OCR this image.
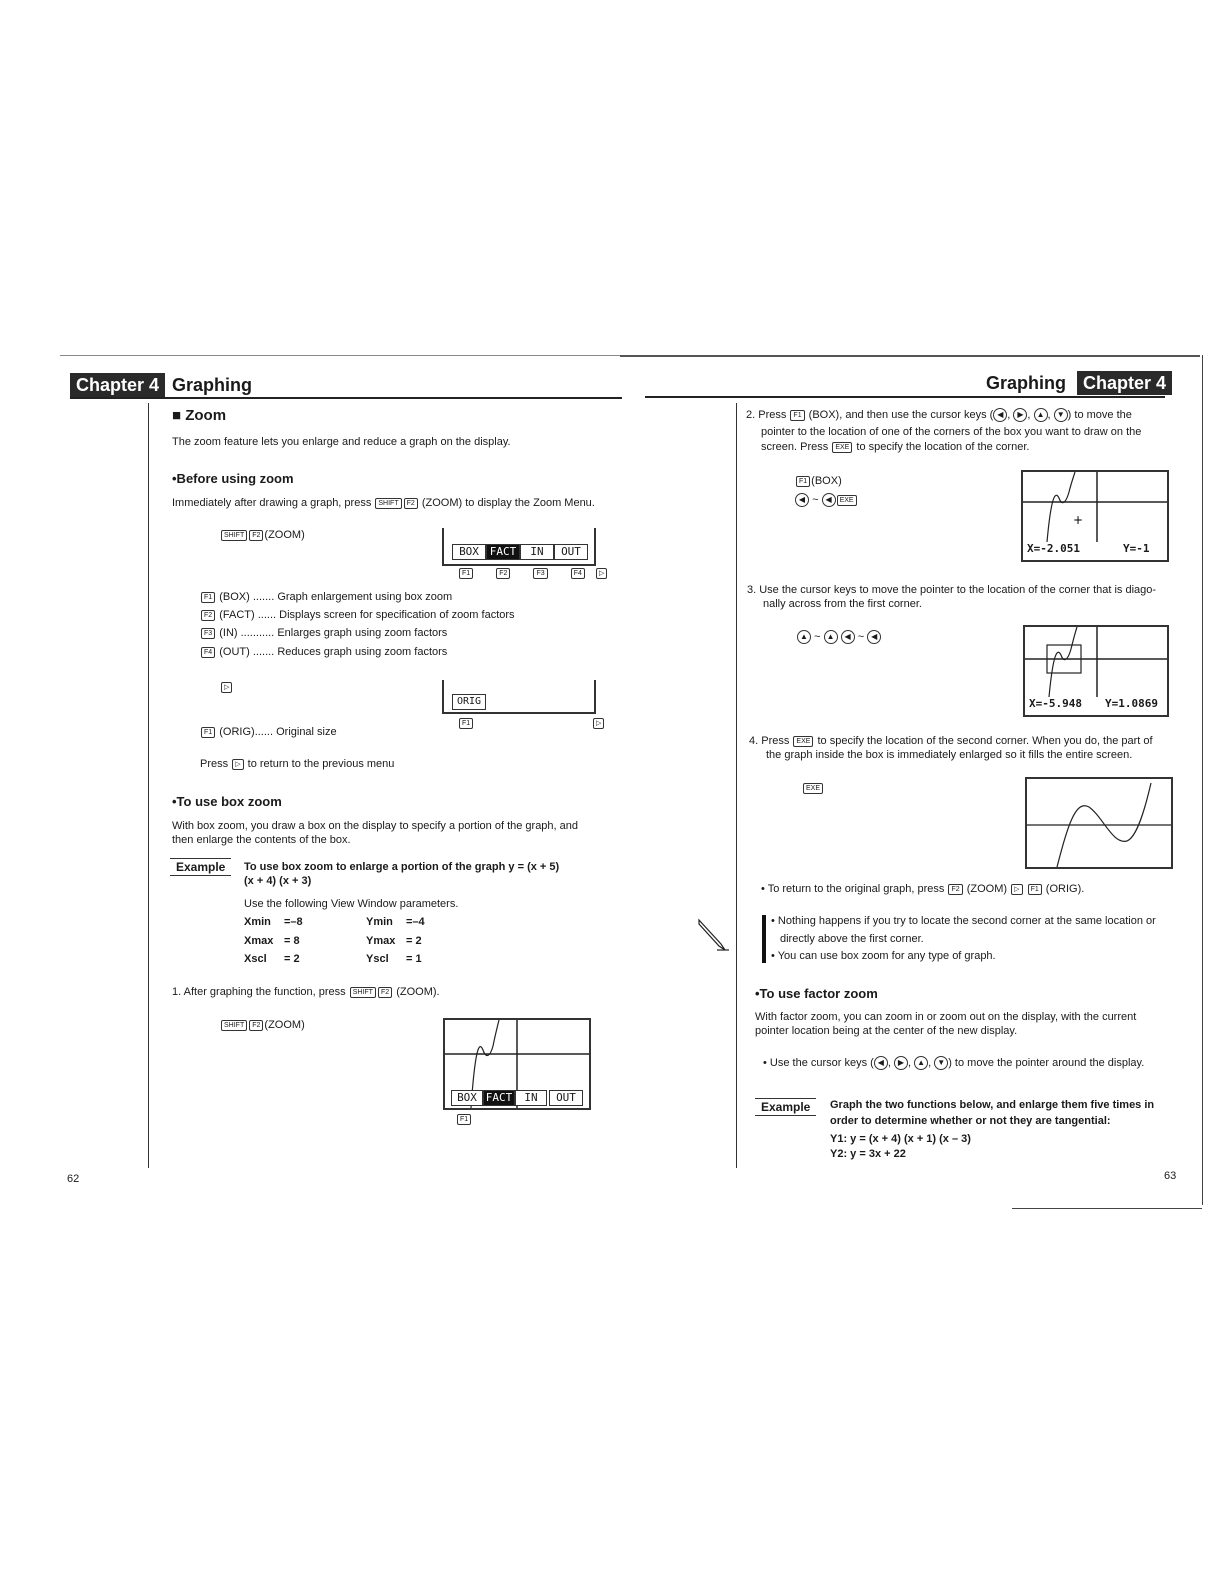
Chapter 4 Graphing
■ Zoom
The zoom feature lets you enlarge and reduce a graph on the display.
•Before using zoom
Immediately after drawing a graph, press SHIFT F2 (ZOOM) to display the Zoom Menu.
SHIFT F2 (ZOOM)
BOX FACT	IN	OUT
F1	F2	F3	F4 ▷
F1 (BOX) ....... Graph enlargement using box zoom
F2 (FACT) ...... Displays screen for specification of zoom factors
F3 (IN) ........... Enlarges graph using zoom factors
F4 (OUT) ....... Reduces graph using zoom factors
▷
ORIG
F1	▷
F1 (ORIG)...... Original size
Press ▷ to return to the previous menu
•To use box zoom
With box zoom, you draw a box on the display to specify a portion of the graph, and
then enlarge the contents of the box.
Example	To use box zoom to enlarge a portion of the graph y = (x + 5)
(x + 4) (x + 3)
Use the following View Window parameters.
Xmin =–8	Ymin =–4
Xmax = 8	Ymax = 2
Xscl = 2	Yscl = 1
1. After graphing the function, press SHIFT F2 (ZOOM).
SHIFT F2 (ZOOM)
BOX FACT	IN	OUT
F1
62
Graphing Chapter 4
2. Press F1 (BOX), and then use the cursor keys ( ◀ , ▶ , ▲ , ▼ ) to move the
pointer to the location of one of the corners of the box you want to draw on the
screen. Press EXE to specify the location of the corner.
F1 (BOX)
◀ ~ ◀ EXE
+
X=-2.051	Y=-1
3. Use the cursor keys to move the pointer to the location of the corner that is diago-
nally across from the first corner.
▲ ~ ▲ ◀ ~ ◀
X=-5.948 Y=1.0869
4. Press EXE to specify the location of the second corner. When you do, the part of
the graph inside the box is immediately enlarged so it fills the entire screen.
EXE
• To return to the original graph, press F2 (ZOOM) ▷ F1 (ORIG).
• Nothing happens if you try to locate the second corner at the same location or
directly above the first corner.
• You can use box zoom for any type of graph.
•To use factor zoom
With factor zoom, you can zoom in or zoom out on the display, with the current
pointer location being at the center of the new display.
• Use the cursor keys ( ◀ , ▶ , ▲ , ▼ ) to move the pointer around the display.
Example	Graph the two functions below, and enlarge them five times in
order to determine whether or not they are tangential:
Y1: y = (x + 4) (x + 1) (x – 3)
Y2: y = 3x + 22
63
